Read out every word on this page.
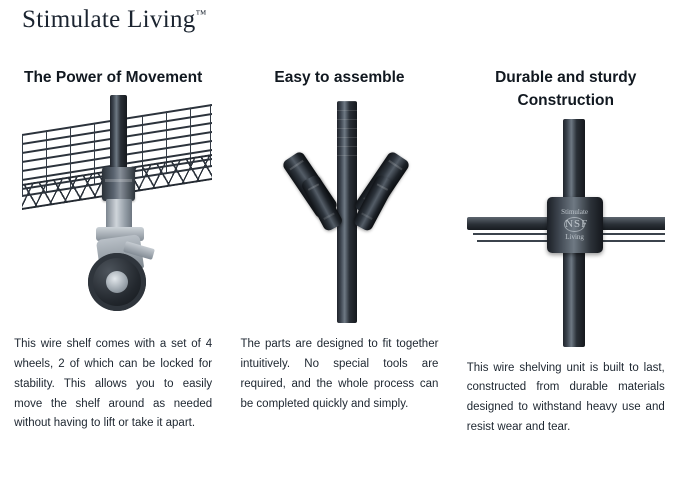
Stimulate Living™
The Power of Movement
This wire shelf comes with a set of 4 wheels, 2 of which can be locked for stability. This allows you to easily move the shelf around as needed without having to lift or take it apart.
Easy to assemble
The parts are designed to fit together intuitively. No special tools are required, and the whole process can be completed quickly and simply.
Durable and sturdy Construction
Stimulate
NSF
Living
This wire shelving unit is built to last, constructed from durable materials designed to withstand heavy use and resist wear and tear.
